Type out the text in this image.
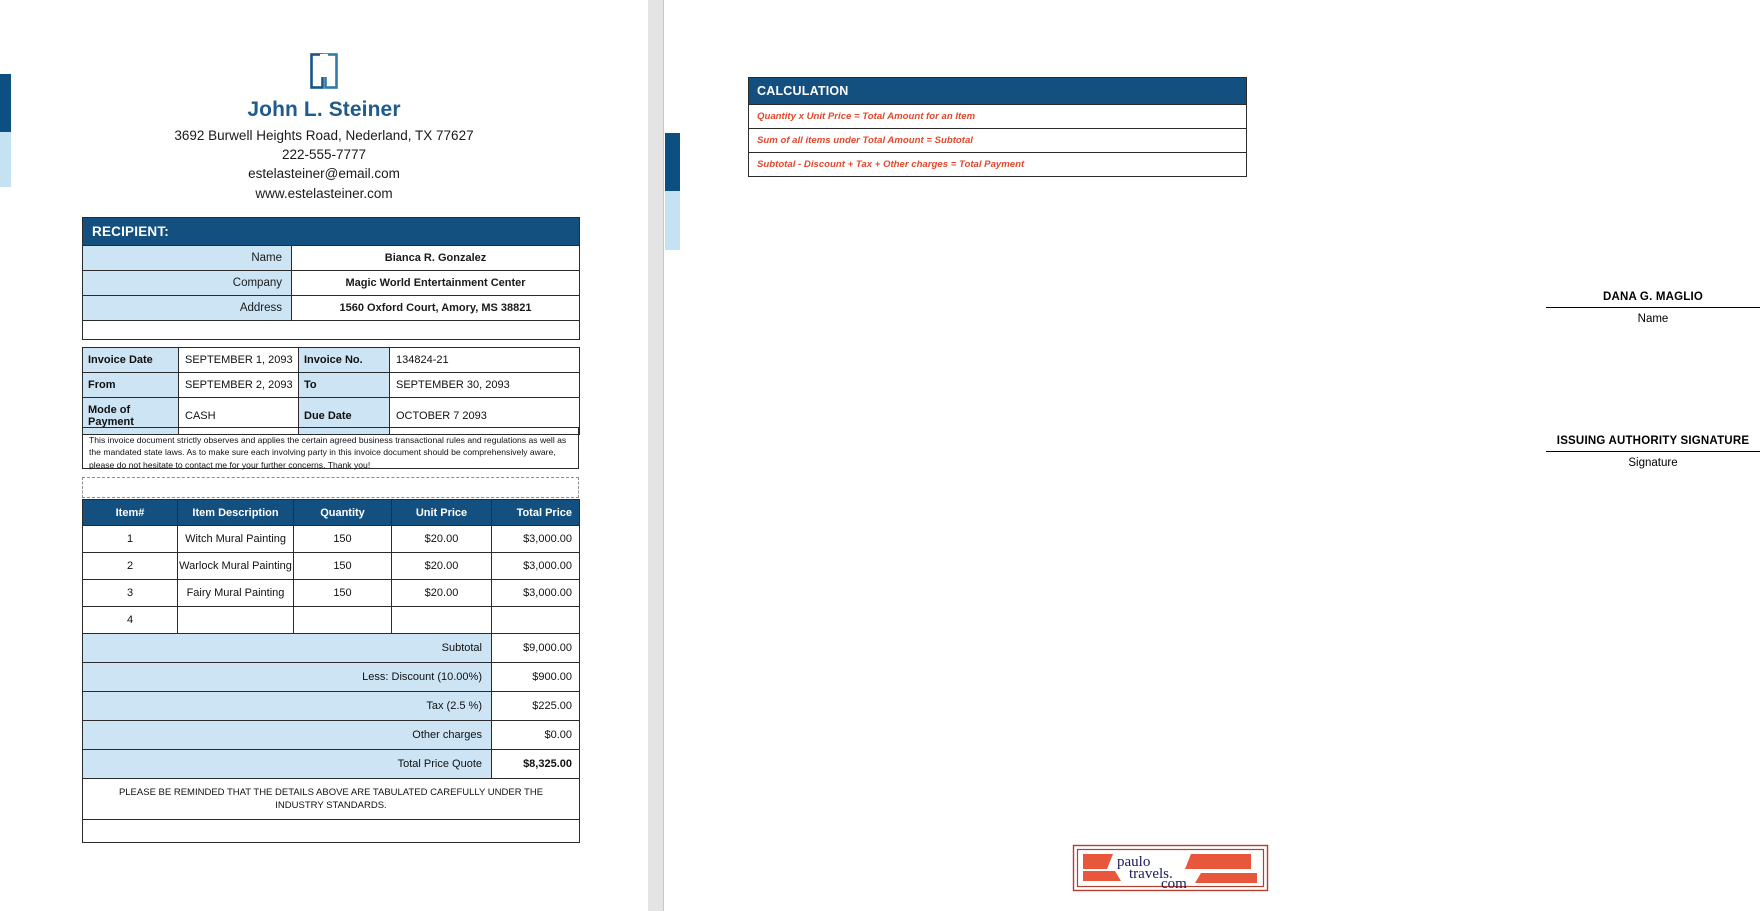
John L. Steiner
3692 Burwell Heights Road, Nederland, TX 77627
222-555-7777
estelasteiner@email.com
www.estelasteiner.com
RECIPIENT:	
Name	Bianca R. Gonzalez
Company	Magic World Entertainment Center
Address	1560 Oxford Court, Amory, MS 38821

Invoice Date	SEPTEMBER 1, 2093	Invoice No.	134824-21
From	SEPTEMBER 2, 2093	To	SEPTEMBER 30, 2093
Mode of Payment	CASH	Due Date	OCTOBER 7 2093
This invoice document strictly observes and applies the certain agreed business transactional rules and regulations as well as the mandated state laws. As to make sure each involving party in this invoice document should be comprehensively aware, please do not hesitate to contact me for your further concerns. Thank you!
Item#	Item Description	Quantity	Unit Price	Total Price
1	Witch Mural Painting	150	$20.00	$3,000.00
2	Warlock Mural Painting	150	$20.00	$3,000.00
3	Fairy Mural Painting	150	$20.00	$3,000.00
4				
Subtotal				$9,000.00
Less: Discount (10.00%)				$900.00
Tax (2.5 %)				$225.00
Other charges				$0.00
Total Price Quote				$8,325.00
PLEASE BE REMINDED THAT THE DETAILS ABOVE ARE TABULATED CAREFULLY UNDER THE INDUSTRY STANDARDS.				

CALCULATION
Quantity x Unit Price = Total Amount for an Item
Sum of all items under Total Amount = Subtotal
Subtotal - Discount + Tax + Other charges = Total Payment
DANA G. MAGLIO
Name
ISSUING AUTHORITY SIGNATURE
Signature
paulo
travels.
com
